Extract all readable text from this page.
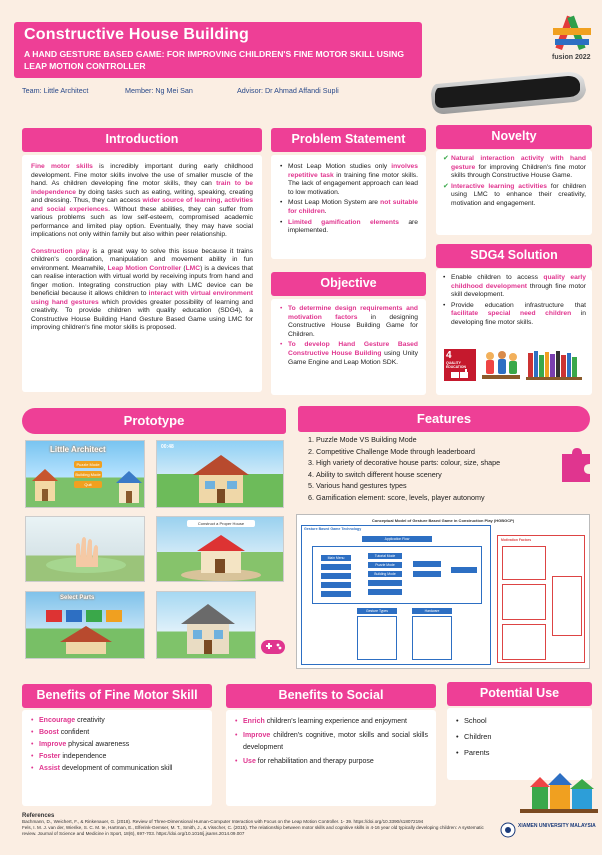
Constructive House Building
A HAND GESTURE BASED GAME: FOR IMPROVING CHILDREN'S FINE MOTOR SKILL USING LEAP MOTION CONTROLLER
Team: Little Architect	Member: Ng Mei San	Advisor: Dr Ahmad Affandi Supli
fusion 2022
Introduction

Fine motor skills is incredibly important during early childhood development. Fine motor skills involve the use of smaller muscle of the hand. As children developing fine motor skills, they can train to be independence by doing tasks such as eating, writing, speaking, creating and dressing. Thus, they can access wider source of learning, activities and social experiences. Without these abilities, they can suffer from various problems such as low self-esteem, compromised academic performance and limited play option. Eventually, they may have social implications not only within family but also within peer relationship.

Construction play is a great way to solve this issue because it trains children's coordination, manipulation and movement ability in fun environment. Meanwhile, Leap Motion Controller (LMC) is a devices that can realise interaction with virtual world by receiving inputs from hand and finger motion. Integrating construction play with LMC device can be beneficial because it allows children to interact with virtual environment using hand gestures which provides greater possibility of learning and creativity. To provide children with quality education (SDG4), a Constructive House Building Hand Gesture Based Game using LMC for improving children's fine motor skills is proposed.

Problem Statement
• Most Leap Motion studies only involves repetitive task in training fine motor skills. The lack of engagement approach can lead to low motivation.
• Most Leap Motion System are not suitable for children.
• Limited gamification elements are implemented.
Objective
• To determine design requirements and motivation factors in designing Constructive House Building Game for Children.
• To develop Hand Gesture Based Constructive House Building using Unity Game Engine and Leap Motion SDK.
Novelty
✔ Natural interaction activity with hand gesture for improving Children's fine motor skills through Constructive House Game.
✔ Interactive learning activities for children using LMC to enhance their creativity, motivation and engagement.
SDG4 Solution
• Enable children to access quality early childhood development through fine motor skill development.
• Provide education infrastructure that facilitate special need children in developing fine motor skills.
4
QUALITY EDUCATION
Prototype
Little Architect
Puzzle Mode
Building Mode
Quit
00:48
Construct a Proper House
Select Parts
Features
1. Puzzle Mode VS Building Mode
2. Competitive Challenge Mode through leaderboard
3. High variety of decorative house parts: colour, size, shape
4. Ability to switch different house scenery
5. Various hand gestures types
6. Gamification element: score, levels, player autonomy
Conceptual Model of Gesture Based Game in Construction Play (HGBGCP)
Gesture Based Game Technology
Application Flow
Main Menu

	Tutorial Mode
Puzzle Mode
Building Mode

Gesture Types	Hardware
Motivation Factors
Benefits of Fine Motor Skill
• Encourage creativity
• Boost confident
• Improve physical awareness
• Foster independence
• Assist development of communication skill
Benefits to Social
• Enrich children's learning experience and enjoyment
• Improve children's cognitive, motor skills and social skills development
• Use for rehabilitation and therapy purpose
Potential Use
• School
• Children
• Parents
References
Bachmann, D., Weichert, F., & Rinkenauer, G. (2018). Review of Three-Dimensional Human-Computer Interaction with Focus on the Leap Motion Controller. 1- 39. https://doi.org/10.3390/s18072194
Fels, I. M. J. van der, Wierike, S. C. M. te, Hartman, E., Elferink-Gemser, M. T., Smith, J., & Visscher, C. (2015). The relationship between motor skills and cognitive skills in 4-16 year old typically developing children: A systematic review. Journal of Science and Medicine in Sport, 18(6), 697-703. https://doi.org/10.1016/j.jsams.2014.09.007
XIAMEN UNIVERSITY MALAYSIA
